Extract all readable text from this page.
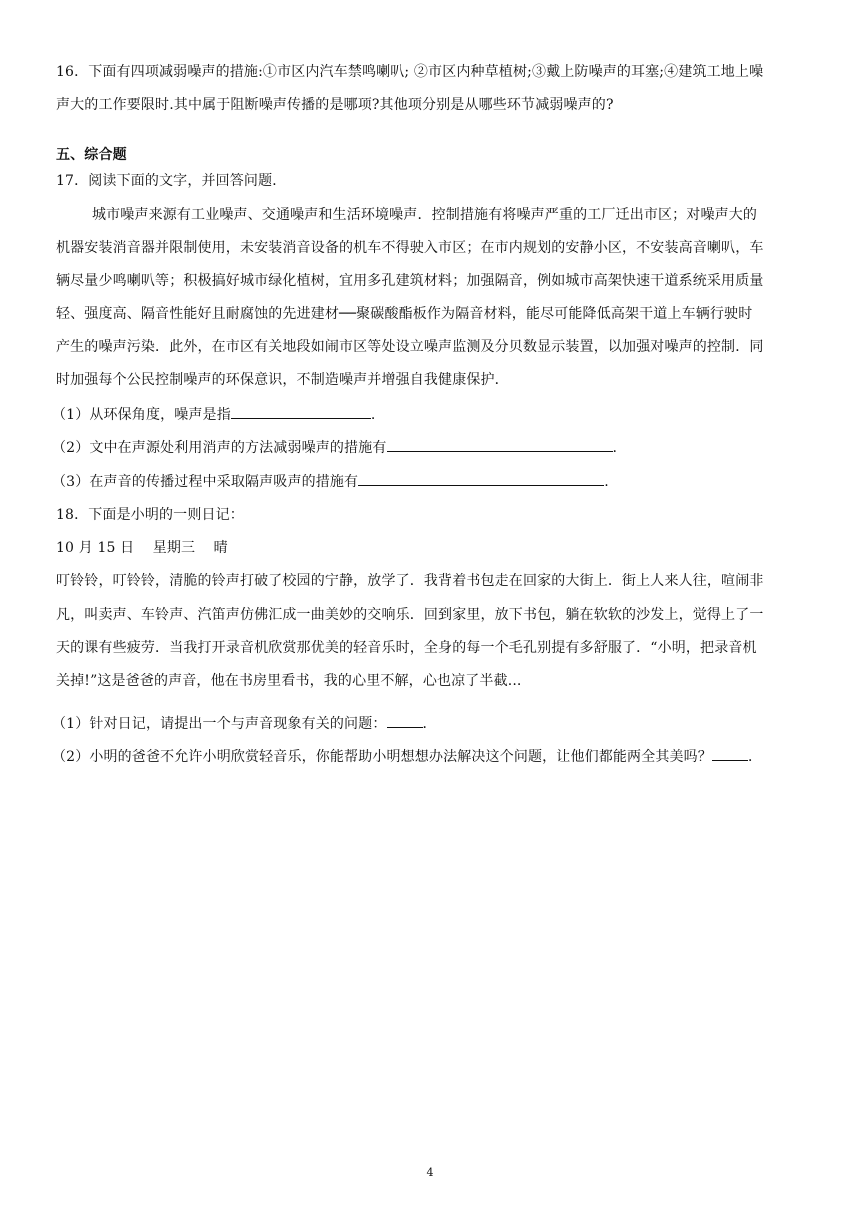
16．下面有四项减弱噪声的措施:①市区内汽车禁鸣喇叭; ②市区内种草植树;③戴上防噪声的耳塞;④建筑工地上噪
声大的工作要限时.其中属于阻断噪声传播的是哪项?其他项分别是从哪些环节减弱噪声的?
五、综合题
17．阅读下面的文字，并回答问题．
城市噪声来源有工业噪声、交通噪声和生活环境噪声．控制措施有将噪声严重的工厂迁出市区；对噪声大的
机器安装消音器并限制使用，未安装消音设备的机车不得驶入市区；在市内规划的安静小区，不安装高音喇叭，车
辆尽量少鸣喇叭等；积极搞好城市绿化植树，宜用多孔建筑材料；加强隔音，例如城市高架快速干道系统采用质量
轻、强度高、隔音性能好且耐腐蚀的先进建材──聚碳酸酯板作为隔音材料，能尽可能降低高架干道上车辆行驶时
产生的噪声污染．此外，在市区有关地段如闹市区等处设立噪声监测及分贝数显示装置，以加强对噪声的控制．同
时加强每个公民控制噪声的环保意识，不制造噪声并增强自我健康保护．
（1）从环保角度，噪声是指	.
（2）文中在声源处利用消声的方法减弱噪声的措施有	.
（3）在声音的传播过程中采取隔声吸声的措施有	.
18．下面是小明的一则日记：
10 月 15 日    星期三    晴
叮铃铃，叮铃铃，清脆的铃声打破了校园的宁静，放学了．我背着书包走在回家的大街上．街上人来人往，喧闹非
凡，叫卖声、车铃声、汽笛声仿佛汇成一曲美妙的交响乐．回到家里，放下书包，躺在软软的沙发上，觉得上了一
天的课有些疲劳．当我打开录音机欣赏那优美的轻音乐时，全身的每一个毛孔别提有多舒服了．“小明，把录音机
关掉!”这是爸爸的声音，他在书房里看书，我的心里不解，心也凉了半截...
（1）针对日记，请提出一个与声音现象有关的问题：	．
（2）小明的爸爸不允许小明欣赏轻音乐，你能帮助小明想想办法解决这个问题，让他们都能两全其美吗？	．
4
